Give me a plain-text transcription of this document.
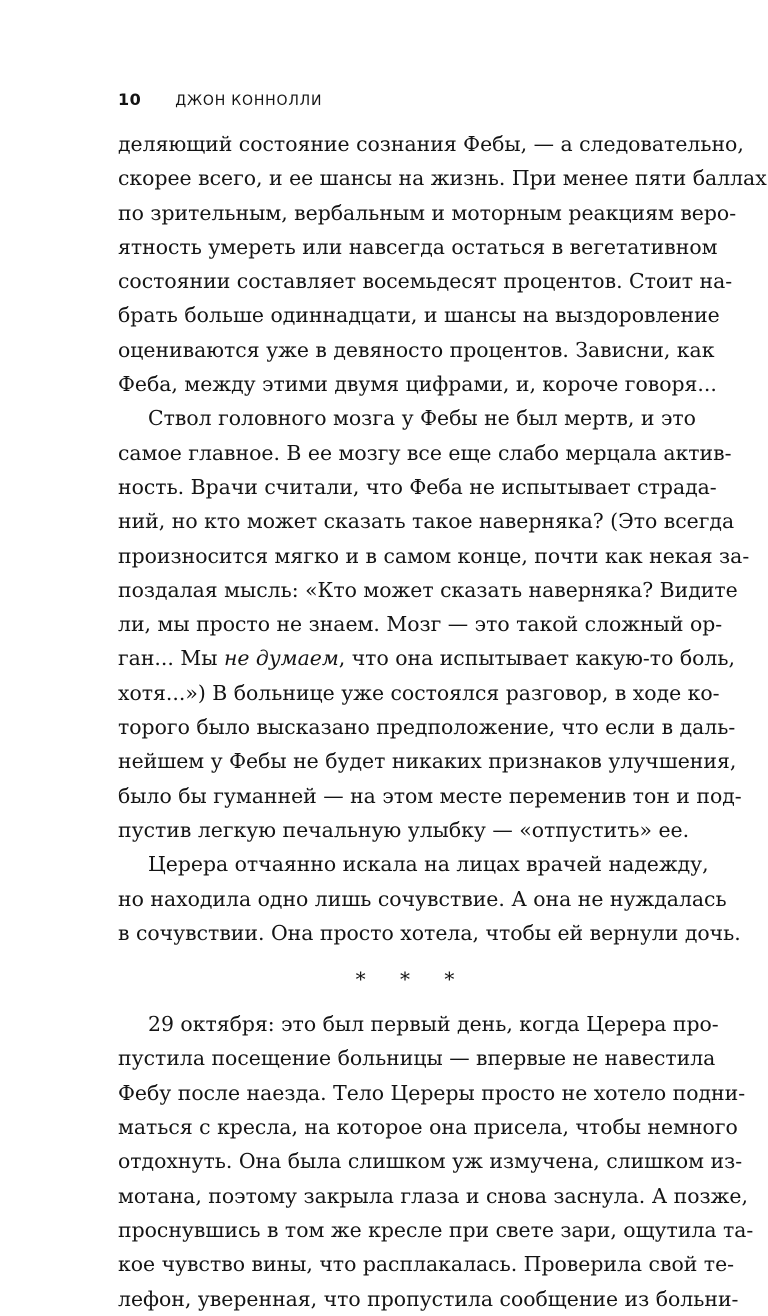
10 ДЖОН КОННОЛЛИ
деляющий состояние сознания Фебы, — а следовательно,
скорее всего, и ее шансы на жизнь. При менее пяти баллах
по зрительным, вербальным и моторным реакциям веро-
ятность умереть или навсегда остаться в вегетативном
состоянии составляет восемьдесят процентов. Стоит на-
брать больше одиннадцати, и шансы на выздоровление
оцениваются уже в девяносто процентов. Зависни, как
Феба, между этими двумя цифрами, и, короче говоря...
Ствол головного мозга у Фебы не был мертв, и это
самое главное. В ее мозгу все еще слабо мерцала актив-
ность. Врачи считали, что Феба не испытывает страда-
ний, но кто может сказать такое наверняка? (Это всегда
произносится мягко и в самом конце, почти как некая за-
поздалая мысль: «Кто может сказать наверняка? Видите
ли, мы просто не знаем. Мозг — это такой сложный ор-
ган... Мы не думаем, что она испытывает какую-то боль,
хотя...») В больнице уже состоялся разговор, в ходе ко-
торого было высказано предположение, что если в даль-
нейшем у Фебы не будет никаких признаков улучшения,
было бы гуманней — на этом месте переменив тон и под-
пустив легкую печальную улыбку — «отпустить» ее.
Церера отчаянно искала на лицах врачей надежду,
но находила одно лишь сочувствие. А она не нуждалась
в сочувствии. Она просто хотела, чтобы ей вернули дочь.
* * *
29 октября: это был первый день, когда Церера про-
пустила посещение больницы — впервые не навестила
Фебу после наезда. Тело Цереры просто не хотело подни-
маться с кресла, на которое она присела, чтобы немного
отдохнуть. Она была слишком уж измучена, слишком из-
мотана, поэтому закрыла глаза и снова заснула. А позже,
проснувшись в том же кресле при свете зари, ощутила та-
кое чувство вины, что расплакалась. Проверила свой те-
лефон, уверенная, что пропустила сообщение из больни-
